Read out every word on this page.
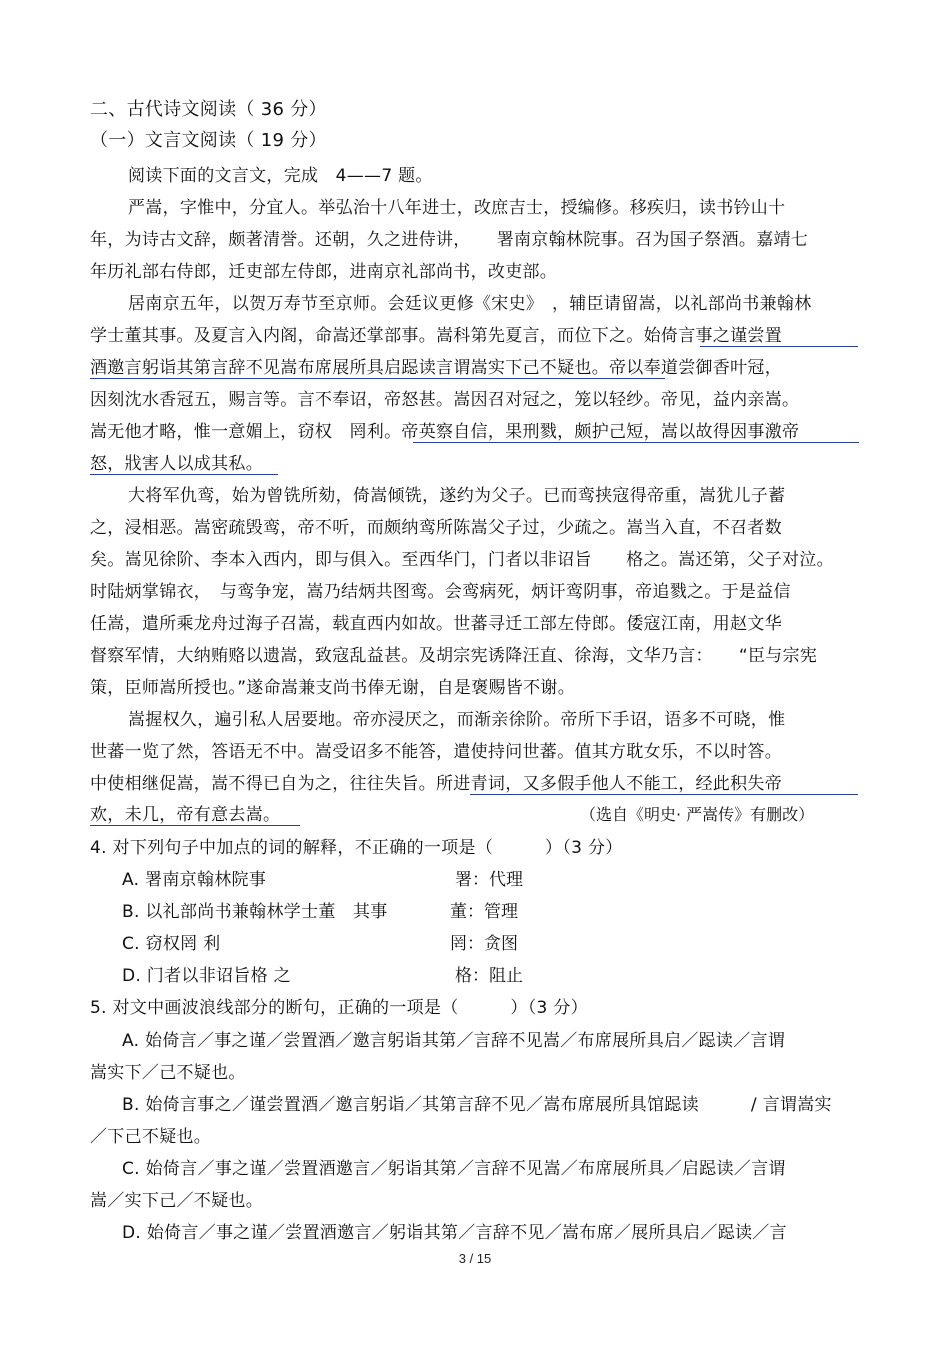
二、古代诗文阅读（ 36 分）
（一）文言文阅读（ 19 分）
阅读下面的文言文，完成　4——7 题。
严嵩，字惟中，分宜人。举弘治十八年进士，改庶吉士，授编修。移疾归，读书钤山十
年，为诗古文辞，颇著清誉。还朝，久之进侍讲，　　署南京翰林院事。召为国子祭酒。嘉靖七
年历礼部右侍郎，迁吏部左侍郎，进南京礼部尚书，改吏部。
居南京五年，以贺万寿节至京师。会廷议更修《宋史》　，辅臣请留嵩，以礼部尚书兼翰林
学士董其事。及夏言入内阁，命嵩还掌部事。嵩科第先夏言，而位下之。始倚言事之谨尝置
酒邀言躬诣其第言辞不见嵩布席展所具启跽读言谓嵩实下己不疑也。帝以奉道尝御香叶冠，
因刻沈水香冠五，赐言等。言不奉诏，帝怒甚。嵩因召对冠之，笼以轻纱。帝见，益内亲嵩。
嵩无他才略，惟一意媚上，窃权　罔利。帝英察自信，果刑戮，颇护己短，嵩以故得因事激帝
怒，戕害人以成其私。
大将军仇鸾，始为曾铣所劾，倚嵩倾铣，遂约为父子。已而鸾挟寇得帝重，嵩犹儿子蓄
之，浸相恶。嵩密疏毁鸾，帝不听，而颇纳鸾所陈嵩父子过，少疏之。嵩当入直，不召者数
矣。嵩见徐阶、李本入西内，即与俱入。至西华门，门者以非诏旨　　格之。嵩还第，父子对泣。
时陆炳掌锦衣，　与鸾争宠，嵩乃结炳共图鸾。会鸾病死，炳讦鸾阴事，帝追戮之。于是益信
任嵩，遣所乘龙舟过海子召嵩，载直西内如故。世蕃寻迁工部左侍郎。倭寇江南，用赵文华
督察军情，大纳贿赂以遗嵩，致寇乱益甚。及胡宗宪诱降汪直、徐海，文华乃言：　　“臣与宗宪
策，臣师嵩所授也。”遂命嵩兼支尚书俸无谢，自是褒赐皆不谢。
嵩握权久，遍引私人居要地。帝亦浸厌之，而渐亲徐阶。帝所下手诏，语多不可晓，惟
世蕃一览了然，答语无不中。嵩受诏多不能答，遣使持问世蕃。值其方耽女乐，不以时答。
中使相继促嵩，嵩不得已自为之，往往失旨。所进青词，又多假手他人不能工，经此积失帝
欢，未几，帝有意去嵩。	（选自《明史· 严嵩传》有删改）
4. 对下列句子中加点的词的解释，不正确的一项是（　　　）（3 分）
A. 署南京翰林院事	署：代理
B. 以礼部尚书兼翰林学士董　其事	董：管理
C. 窃权罔 利	罔：贪图
D. 门者以非诏旨格 之	格：阻止
5. 对文中画波浪线部分的断句，正确的一项是（　　　）（3 分）
A. 始倚言／事之谨／尝置酒／邀言躬诣其第／言辞不见嵩／布席展所具启／跽读／言谓
嵩实下／己不疑也。
B. 始倚言事之／谨尝置酒／邀言躬诣／其第言辞不见／嵩布席展所具馆跽读　　　/ 言谓嵩实
／下己不疑也。
C. 始倚言／事之谨／尝置酒邀言／躬诣其第／言辞不见嵩／布席展所具／启跽读／言谓
嵩／实下己／不疑也。
D. 始倚言／事之谨／尝置酒邀言／躬诣其第／言辞不见／嵩布席／展所具启／跽读／言
3 / 15
